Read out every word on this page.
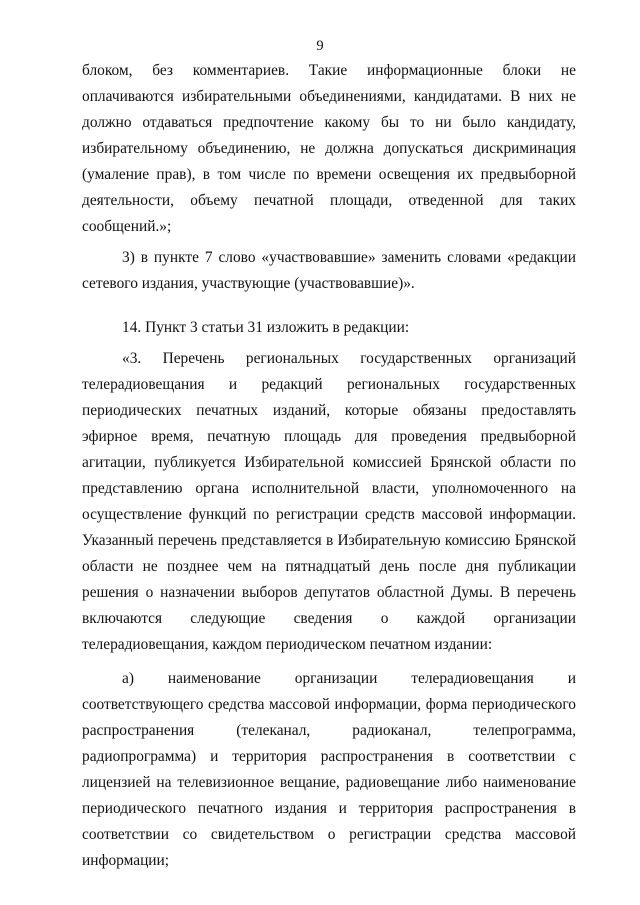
9

блоком, без комментариев. Такие информационные блоки не оплачиваются избирательными объединениями, кандидатами. В них не должно отдаваться предпочтение какому бы то ни было кандидату, избирательному объединению, не должна допускаться дискриминация (умаление прав), в том числе по времени освещения их предвыборной деятельности, объему печатной площади, отведенной для таких сообщений.»;

3) в пункте 7 слово «участвовавшие» заменить словами «редакции сетевого издания, участвующие (участвовавшие)».

14. Пункт 3 статьи 31 изложить в редакции:

«3. Перечень региональных государственных организаций телерадиовещания и редакций региональных государственных периодических печатных изданий, которые обязаны предоставлять эфирное время, печатную площадь для проведения предвыборной агитации, публикуется Избирательной комиссией Брянской области по представлению органа исполнительной власти, уполномоченного на осуществление функций по регистрации средств массовой информации. Указанный перечень представляется в Избирательную комиссию Брянской области не позднее чем на пятнадцатый день после дня публикации решения о назначении выборов депутатов областной Думы. В перечень включаются следующие сведения о каждой организации телерадиовещания, каждом периодическом печатном издании:

а) наименование организации телерадиовещания и соответствующего средства массовой информации, форма периодического распространения (телеканал, радиоканал, телепрограмма, радиопрограмма) и территория распространения в соответствии с лицензией на телевизионное вещание, радиовещание либо наименование периодического печатного издания и территория распространения в соответствии со свидетельством о регистрации средства массовой информации;
